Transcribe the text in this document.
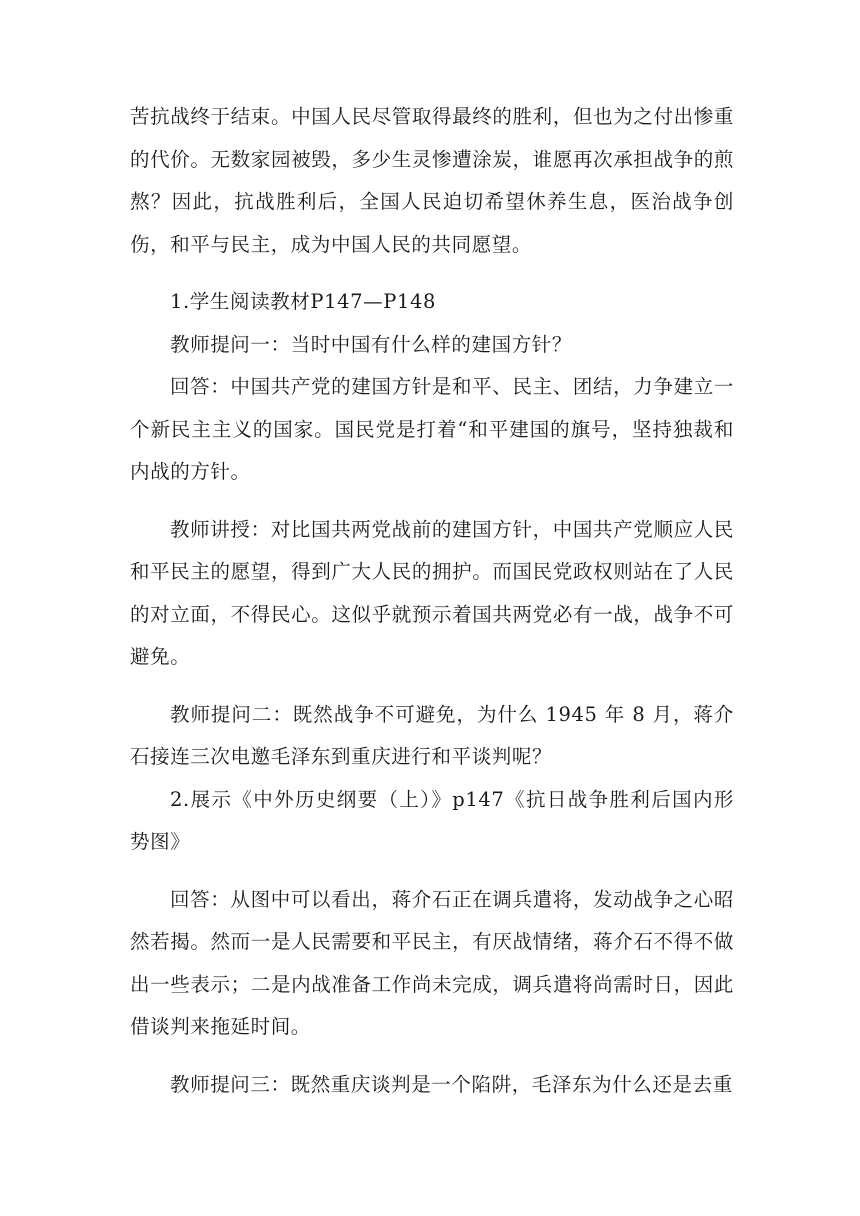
苦抗战终于结束。中国人民尽管取得最终的胜利，但也为之付出惨重的代价。无数家园被毁，多少生灵惨遭涂炭，谁愿再次承担战争的煎熬？因此，抗战胜利后，全国人民迫切希望休养生息，医治战争创伤，和平与民主，成为中国人民的共同愿望。

1.学生阅读教材P147—P148

教师提问一：当时中国有什么样的建国方针？

回答：中国共产党的建国方针是和平、民主、团结，力争建立一个新民主主义的国家。国民党是打着“和平建国的旗号，坚持独裁和内战的方针。

教师讲授：对比国共两党战前的建国方针，中国共产党顺应人民和平民主的愿望，得到广大人民的拥护。而国民党政权则站在了人民的对立面，不得民心。这似乎就预示着国共两党必有一战，战争不可避免。

教师提问二：既然战争不可避免，为什么 1945 年 8 月，蒋介石接连三次电邀毛泽东到重庆进行和平谈判呢？

2.展示《中外历史纲要（上）》p147《抗日战争胜利后国内形势图》

回答：从图中可以看出，蒋介石正在调兵遣将，发动战争之心昭然若揭。然而一是人民需要和平民主，有厌战情绪，蒋介石不得不做出一些表示；二是内战准备工作尚未完成，调兵遣将尚需时日，因此借谈判来拖延时间。

教师提问三：既然重庆谈判是一个陷阱，毛泽东为什么还是去重
